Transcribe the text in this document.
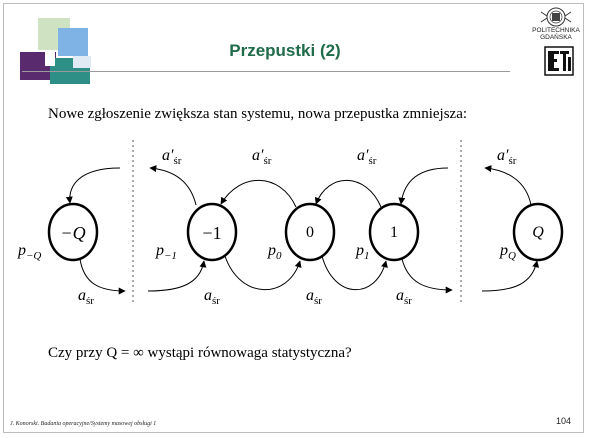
Przepustki (2)
POLITECHNIKA
GDAŃSKA
Nowe zgłoszenie zwiększa stan systemu, nowa przepustka zmniejsza:
−Q	−1	0	1	Q
$p_{-Q}$	$p_{-1}$	$p_0$	$p_1$	$p_Q$
$a'_{śr}$	$a'_{śr}$	$a'_{śr}$	$a'_{śr}$
$a_{śr}$	$a_{śr}$	$a_{śr}$	$a_{śr}$
Czy przy Q = ∞ wystąpi równowaga statystyczna?
J. Konorski. Badania operacyjne/Systemy masowej obsługi 1	104
